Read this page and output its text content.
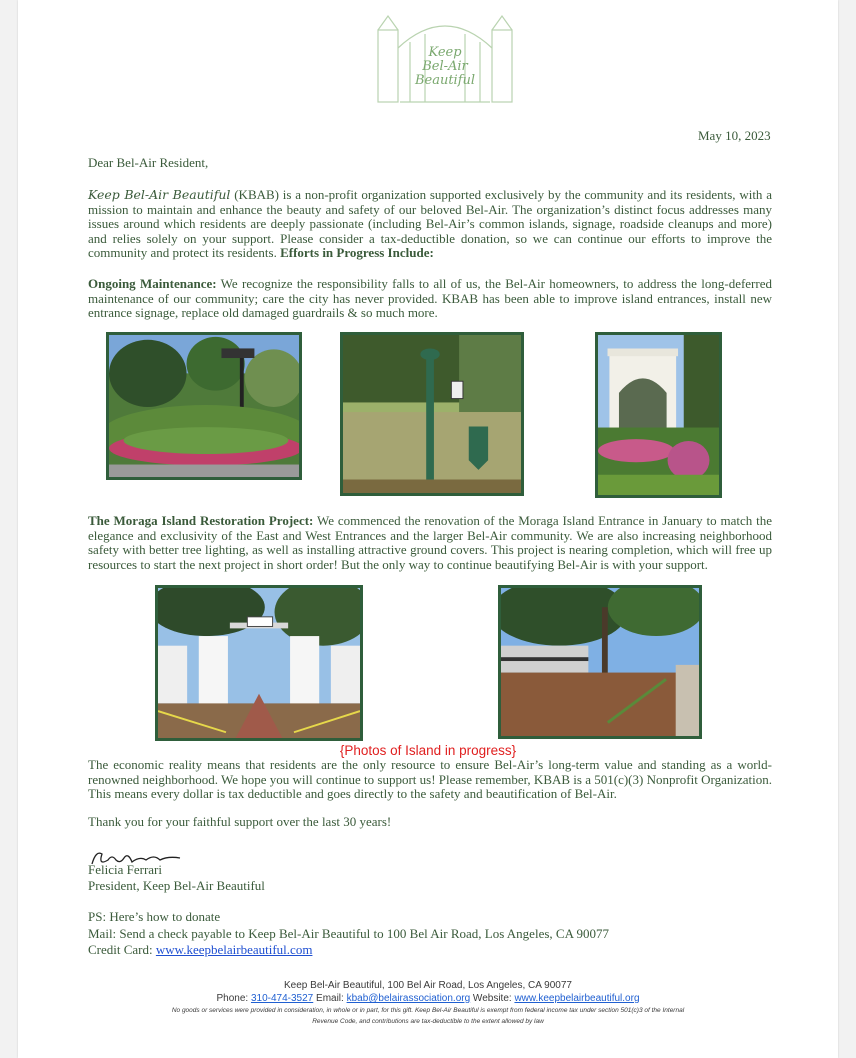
Keep
Bel-Air
Beautiful
May 10, 2023
Dear Bel-Air Resident,
Keep Bel-Air Beautiful (KBAB) is a non-profit organization supported exclusively by the community and its residents, with a mission to maintain and enhance the beauty and safety of our beloved Bel-Air. The organization’s distinct focus addresses many issues around which residents are deeply passionate (including Bel-Air’s common islands, signage, roadside cleanups and more) and relies solely on your support. Please consider a tax-deductible donation, so we can continue our efforts to improve the community and protect its residents. Efforts in Progress Include:
Ongoing Maintenance: We recognize the responsibility falls to all of us, the Bel-Air homeowners, to address the long-deferred maintenance of our community; care the city has never provided. KBAB has been able to improve island entrances, install new entrance signage, replace old damaged guardrails & so much more.
The Moraga Island Restoration Project: We commenced the renovation of the Moraga Island Entrance in January to match the elegance and exclusivity of the East and West Entrances and the larger Bel-Air community. We are also increasing neighborhood safety with better tree lighting, as well as installing attractive ground covers. This project is nearing completion, which will free up resources to start the next project in short order! But the only way to continue beautifying Bel-Air is with your support.
{Photos of Island in progress}
The economic reality means that residents are the only resource to ensure Bel-Air’s long-term value and standing as a world-renowned neighborhood. We hope you will continue to support us! Please remember, KBAB is a 501(c)(3) Nonprofit Organization. This means every dollar is tax deductible and goes directly to the safety and beautification of Bel-Air.
Thank you for your faithful support over the last 30 years!
Felicia Ferrari
President, Keep Bel-Air Beautiful
PS: Here’s how to donate
Mail: Send a check payable to Keep Bel-Air Beautiful to 100 Bel Air Road, Los Angeles, CA 90077
Credit Card: www.keepbelairbeautiful.com
Keep Bel-Air Beautiful, 100 Bel Air Road, Los Angeles, CA 90077
Phone: 310-474-3527 Email: kbab@belairassociation.org Website: www.keepbelairbeautiful.org
No goods or services were provided in consideration, in whole or in part, for this gift. Keep Bel-Air Beautiful is exempt from federal income tax under section 501(c)3 of the Internal
Revenue Code, and contributions are tax-deductible to the extent allowed by law
